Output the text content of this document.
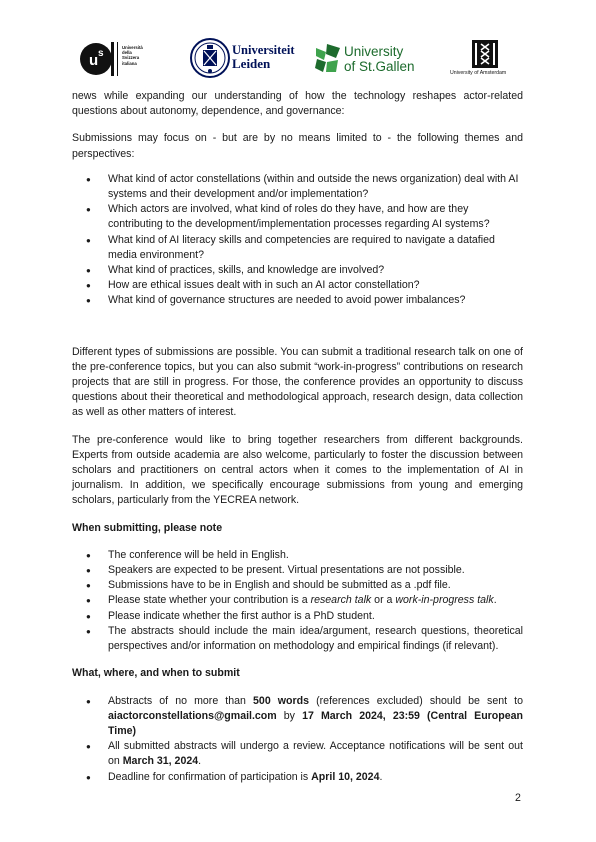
u s
Università
della
Svizzera
italiana
Universiteit
Leiden
University
of St.Gallen	University of Amsterdam

news while expanding our understanding of how the technology reshapes actor-related questions about autonomy, dependence, and governance:

Submissions may focus on - but are by no means limited to - the following themes and perspectives:

● What kind of actor constellations (within and outside the news organization) deal with AI systems and their development and/or implementation?
● Which actors are involved, what kind of roles do they have, and how are they contributing to the development/implementation processes regarding AI systems?
● What kind of AI literacy skills and competencies are required to navigate a datafied media environment?
● What kind of practices, skills, and knowledge are involved?
● How are ethical issues dealt with in such an AI actor constellation?
● What kind of governance structures are needed to avoid power imbalances?

Different types of submissions are possible. You can submit a traditional research talk on one of the pre-conference topics, but you can also submit “work-in-progress” contributions on research projects that are still in progress. For those, the conference provides an opportunity to discuss questions about their theoretical and methodological approach, research design, data collection as well as other matters of interest.

The pre-conference would like to bring together researchers from different backgrounds. Experts from outside academia are also welcome, particularly to foster the discussion between scholars and practitioners on central actors when it comes to the implementation of AI in journalism. In addition, we specifically encourage submissions from young and emerging scholars, particularly from the YECREA network.

When submitting, please note
● The conference will be held in English.
● Speakers are expected to be present. Virtual presentations are not possible.
● Submissions have to be in English and should be submitted as a .pdf file.
● Please state whether your contribution is a research talk or a work-in-progress talk.
● Please indicate whether the first author is a PhD student.
● The abstracts should include the main idea/argument, research questions, theoretical perspectives and/or information on methodology and empirical findings (if relevant).
What, where, and when to submit
● Abstracts of no more than 500 words (references excluded) should be sent to aiactorconstellations@gmail.com by 17 March 2024, 23:59 (Central European Time)
● All submitted abstracts will undergo a review. Acceptance notifications will be sent out on March 31, 2024.
● Deadline for confirmation of participation is April 10, 2024.
2
